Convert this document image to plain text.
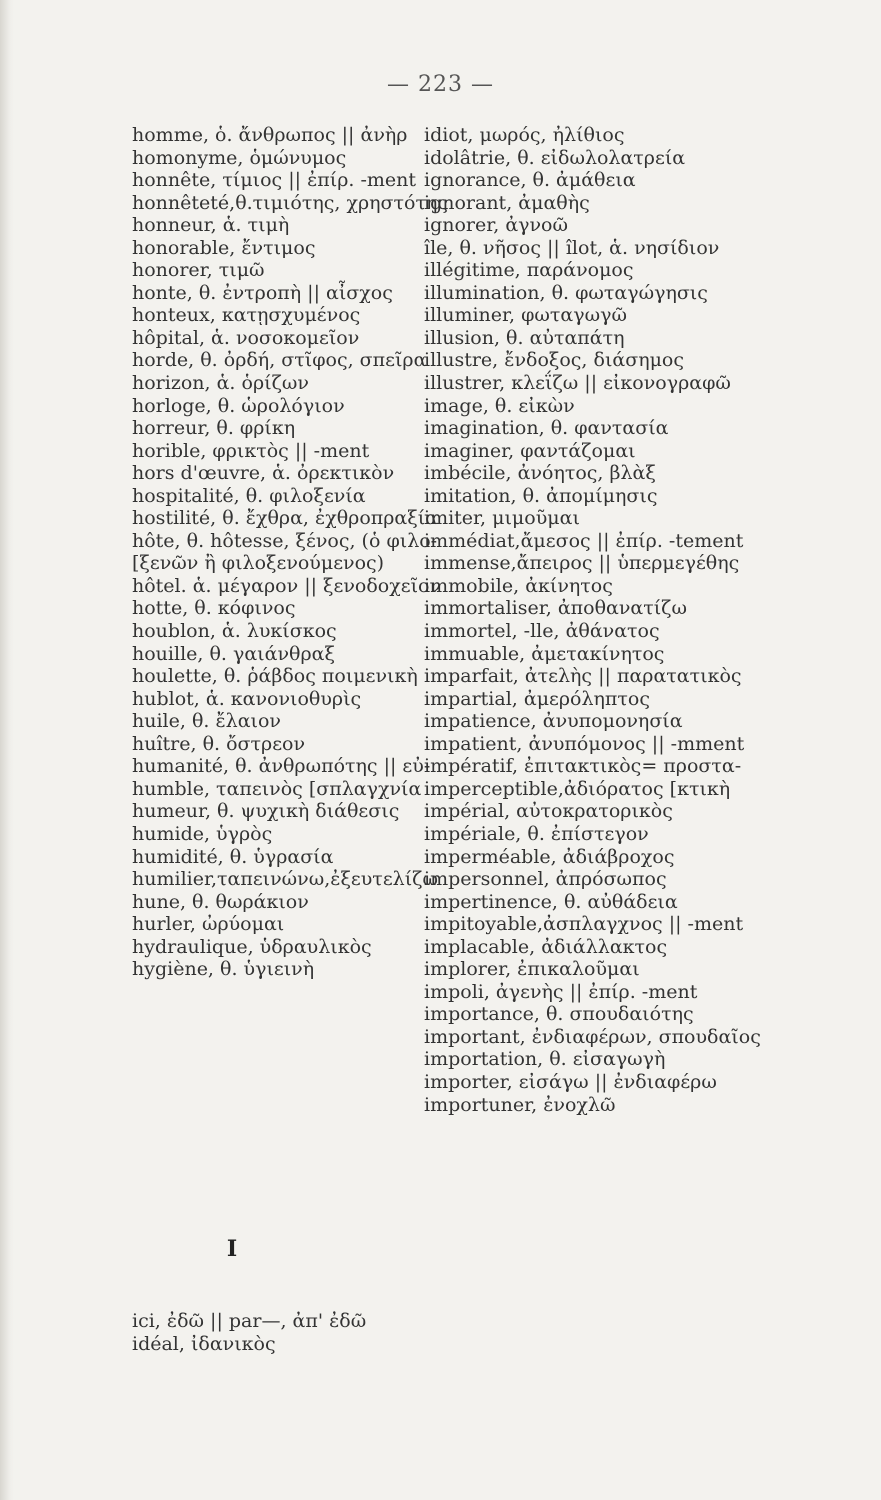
— 223 —
homme, ὁ. ἄνθρωπος || ἀνὴρ
homonyme, ὁμώνυμος
honnête, τίμιος || ἐπίρ. -ment
honnêteté,θ.τιμιότης, χρηστότης
honneur, ἁ. τιμὴ
honorable, ἔντιμος
honorer, τιμῶ
honte, θ. ἐντροπὴ || αἶσχος
honteux, κατῃσχυμένος
hôpital, ἁ. νοσοκομεῖον
horde, θ. ὀρδή, στῖφος, σπεῖρα
horizon, ἁ. ὁρίζων
horloge, θ. ὡρολόγιον
horreur, θ. φρίκη
horible, φρικτὸς || -ment
hors d'œuvre, ἁ. ὀρεκτικὸν
hospitalité, θ. φιλοξενία
hostilité, θ. ἔχθρα, ἐχθροπραξία
hôte, θ. hôtesse, ξένος, (ὁ φιλο-
[ξενῶν ἢ φιλοξενούμενος)
hôtel. ἁ. μέγαρον || ξενοδοχεῖον
hotte, θ. κόφινος
houblon, ἁ. λυκίσκος
houille, θ. γαιάνθραξ
houlette, θ. ῥάβδος ποιμενικὴ
hublot, ἁ. κανονιοθυρὶς
huile, θ. ἔλαιον
huître, θ. ὄστρεον
humanité, θ. ἀνθρωπότης || εὐ-
humble, ταπεινὸς [σπλαγχνία
humeur, θ. ψυχικὴ διάθεσις
humide, ὑγρὸς
humidité, θ. ὑγρασία
humilier,ταπεινώνω,ἐξευτελίζω
hune, θ. θωράκιον
hurler, ὠρύομαι
hydraulique, ὑδραυλικὸς
hygiène, θ. ὑγιεινὴ
I
ici, ἐδῶ || par—, ἀπ' ἐδῶ
idéal, ἰδανικὸς
idiot, μωρός, ἠλίθιος
idolâtrie, θ. εἰδωλολατρεία
ignorance, θ. ἀμάθεια
ignorant, ἀμαθὴς
ignorer, ἀγνοῶ
île, θ. νῆσος || îlot, ἁ. νησίδιον
illégitime, παράνομος
illumination, θ. φωταγώγησις
illuminer, φωταγωγῶ
illusion, θ. αὐταπάτη
illustre, ἔνδοξος, διάσημος
illustrer, κλεΐζω || εἰκονογραφῶ
image, θ. εἰκὼν
imagination, θ. φαντασία
imaginer, φαντάζομαι
imbécile, ἀνόητος, βλὰξ
imitation, θ. ἀπομίμησις
imiter, μιμοῦμαι
immédiat,ἄμεσος || ἐπίρ. -tement
immense,ἄπειρος || ὑπερμεγέθης
immobile, ἀκίνητος
immortaliser, ἀποθανατίζω
immortel, -lle, ἀθάνατος
immuable, ἀμετακίνητος
imparfait, ἀτελὴς || παρατατικὸς
impartial, ἀμερόληπτος
impatience, ἀνυπομονησία
impatient, ἀνυπόμονος || -mment
impératif, ἐπιτακτικὸς= προστα-
imperceptible,ἀδιόρατος [κτικὴ
impérial, αὐτοκρατορικὸς
impériale, θ. ἐπίστεγον
imperméable, ἀδιάβροχος
impersonnel, ἀπρόσωπος
impertinence, θ. αὐθάδεια
impitoyable,ἀσπλαγχνος || -ment
implacable, ἀδιάλλακτος
implorer, ἐπικαλοῦμαι
impoli, ἀγενὴς || ἐπίρ. -ment
importance, θ. σπουδαιότης
important, ἐνδιαφέρων, σπουδαῖος
importation, θ. εἰσαγωγὴ
importer, εἰσάγω || ἐνδιαφέρω
importuner, ἐνοχλῶ
